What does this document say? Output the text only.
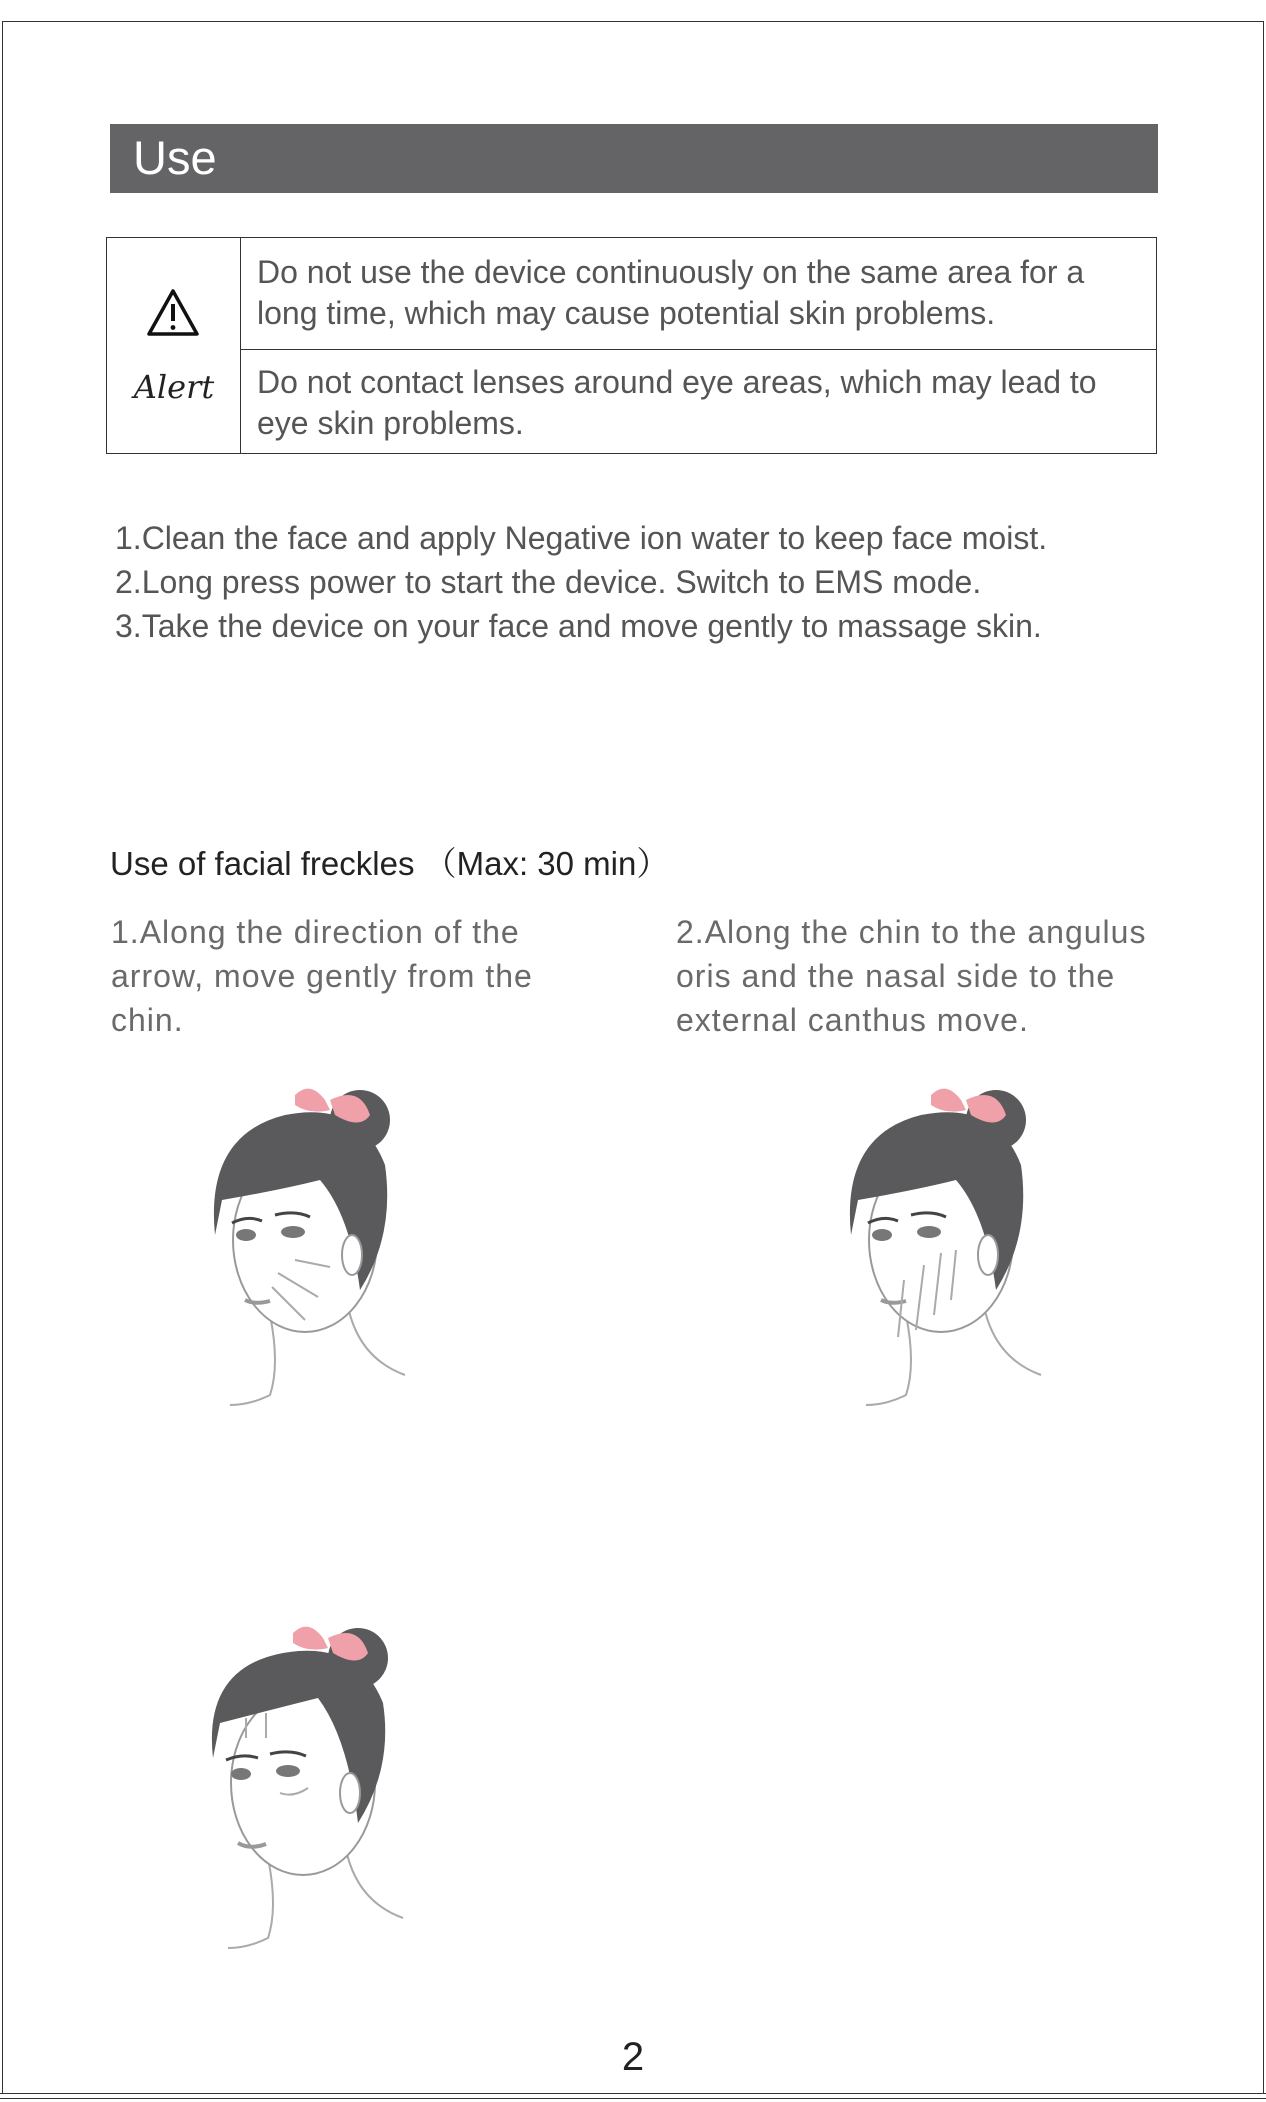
Use
Alert
Do not use the device continuously on the same area for a long time, which may cause potential skin problems.
Do not contact lenses around eye areas, which may lead to eye skin problems.
1.Clean the face and apply Negative ion water to keep face moist.
2.Long press power to start the device. Switch to EMS mode.
3.Take the device on your face and move gently to massage skin.
Use of facial freckles （Max: 30 min）
1.Along the direction of the arrow, move gently from the chin.
2.Along the chin to the angulus oris and the nasal side to the external canthus move.
2
